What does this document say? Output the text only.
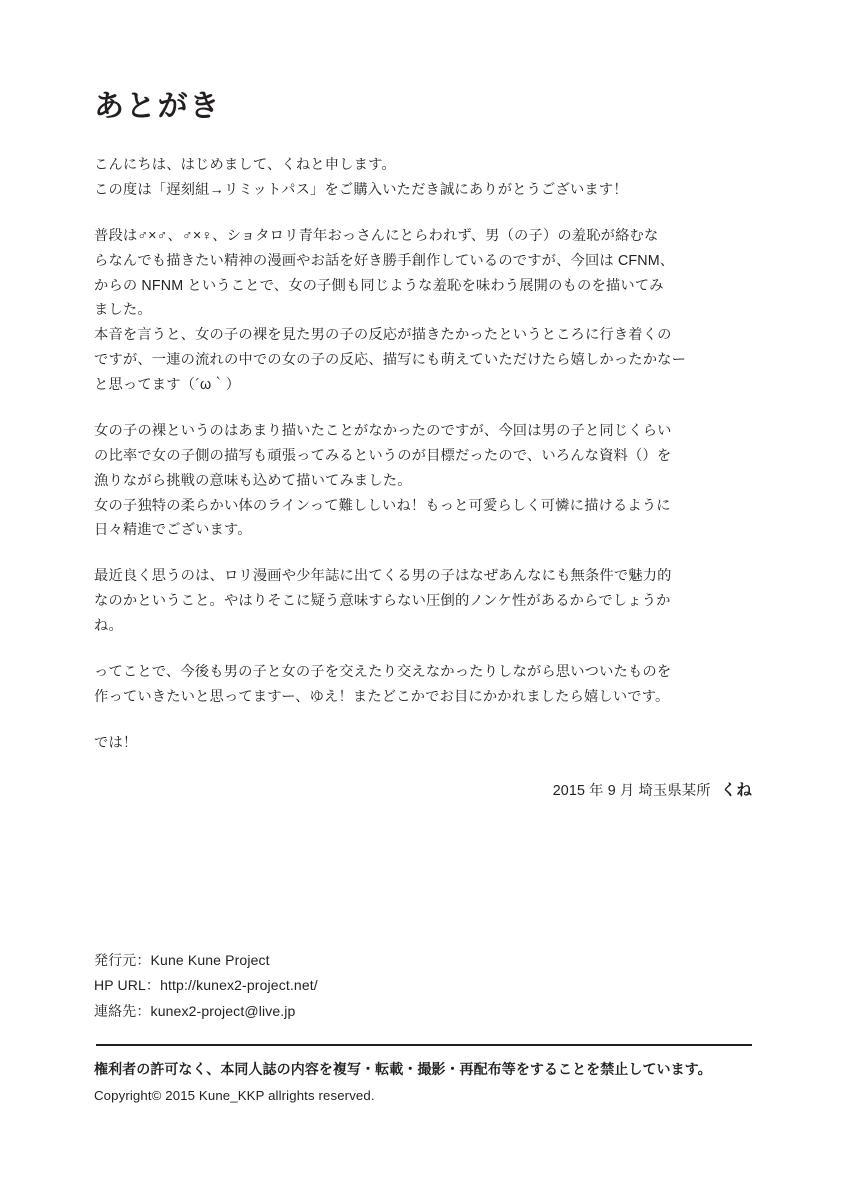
あとがき

こんにちは、はじめまして、くねと申します。
この度は「遅刻組→リミットパス」をご購入いただき誠にありがとうございます！

普段は♂×♂、♂×♀、ショタロリ青年おっさんにとらわれず、男（の子）の羞恥が絡むな
らなんでも描きたい精神の漫画やお話を好き勝手創作しているのですが、今回は CFNM、
からの NFNM ということで、女の子側も同じような羞恥を味わう展開のものを描いてみ
ました。
本音を言うと、女の子の裸を見た男の子の反応が描きたかったというところに行き着くの
ですが、一連の流れの中での女の子の反応、描写にも萌えていただけたら嬉しかったかなー
と思ってます（´ω｀）

女の子の裸というのはあまり描いたことがなかったのですが、今回は男の子と同じくらい
の比率で女の子側の描写も頑張ってみるというのが目標だったので、いろんな資料（）を
漁りながら挑戦の意味も込めて描いてみました。
女の子独特の柔らかい体のラインって難ししいね！もっと可愛らしく可憐に描けるように
日々精進でございます。

最近良く思うのは、ロリ漫画や少年誌に出てくる男の子はなぜあんなにも無条件で魅力的
なのかということ。やはりそこに疑う意味すらない圧倒的ノンケ性があるからでしょうか
ね。

ってことで、今後も男の子と女の子を交えたり交えなかったりしながら思いついたものを
作っていきたいと思ってますー、ゆえ！またどこかでお目にかかれましたら嬉しいです。

では！

2015 年 9 月 埼玉県某所 くね
発行元：Kune Kune Project
HP URL：http://kunex2-project.net/
連絡先：kunex2-project@live.jp
権利者の許可なく、本同人誌の内容を複写・転載・撮影・再配布等をすることを禁止しています。
Copyright© 2015 Kune_KKP allrights reserved.
